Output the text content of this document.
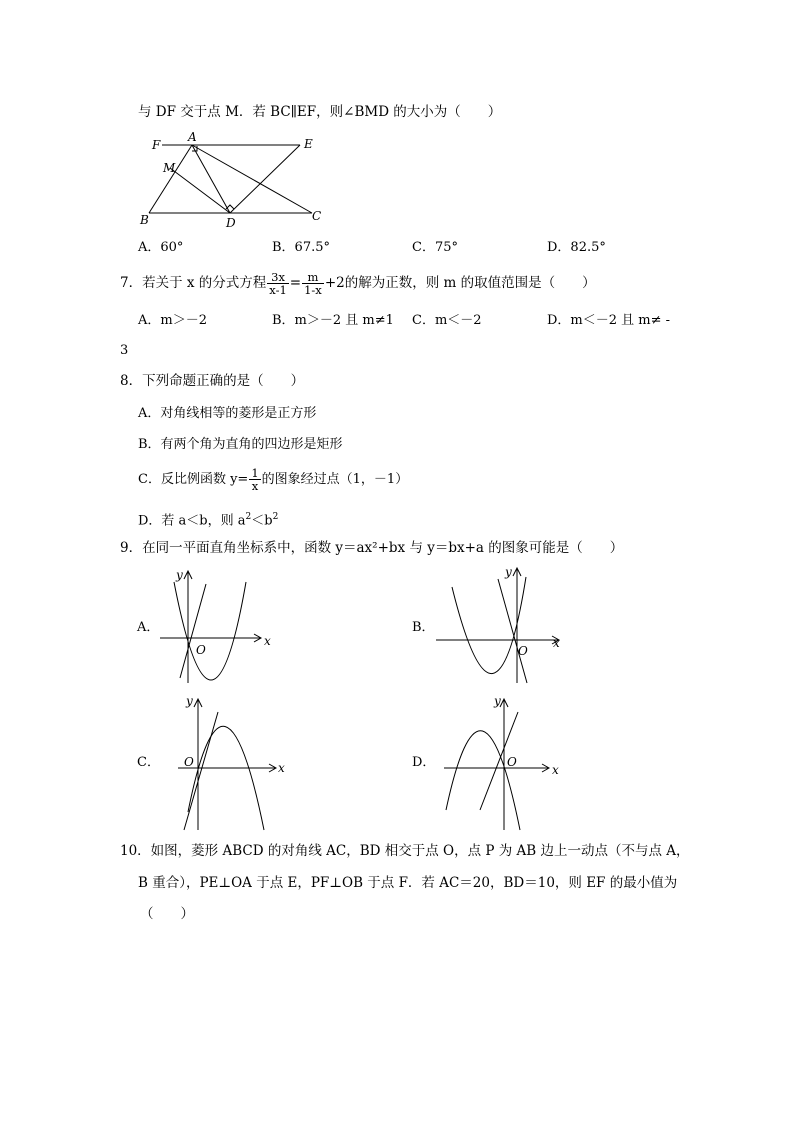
与 DF 交于点 M．若 BC∥EF，则∠BMD 的大小为（　　）
F
A	E
M
B	D	C
A．60°	B．67.5°	C．75°	D．82.5°
7．若关于 x 的分式方程 $\frac{3x}{x-1} = \frac{m}{1-x} +2$的解为正数，则 m 的取值范围是（　　）
A．m＞－2	B．m＞－2 且 m≠1 C．m＜－2	D．m＜－2 且 m≠ -
3
8．下列命题正确的是（　　）
A．对角线相等的菱形是正方形
B．有两个角为直角的四边形是矩形
C．反比例函数 $y= \frac{1}{x}$ 的图象经过点（1，－1）
D．若 a＜b，则 $a^2<b^2$
9．在同一平面直角坐标系中，函数 y＝ax²+bx 与 y＝bx+a 的图象可能是（　　）
A．
y
x
O
B．
y
x
O
C．
y
x
O	D．
y
x
O
10．如图，菱形 ABCD 的对角线 AC，BD 相交于点 O，点 P 为 AB 边上一动点（不与点 A，
B 重合），PE⊥OA 于点 E，PF⊥OB 于点 F．若 AC＝20，BD＝10，则 EF 的最小值为
（　　）
